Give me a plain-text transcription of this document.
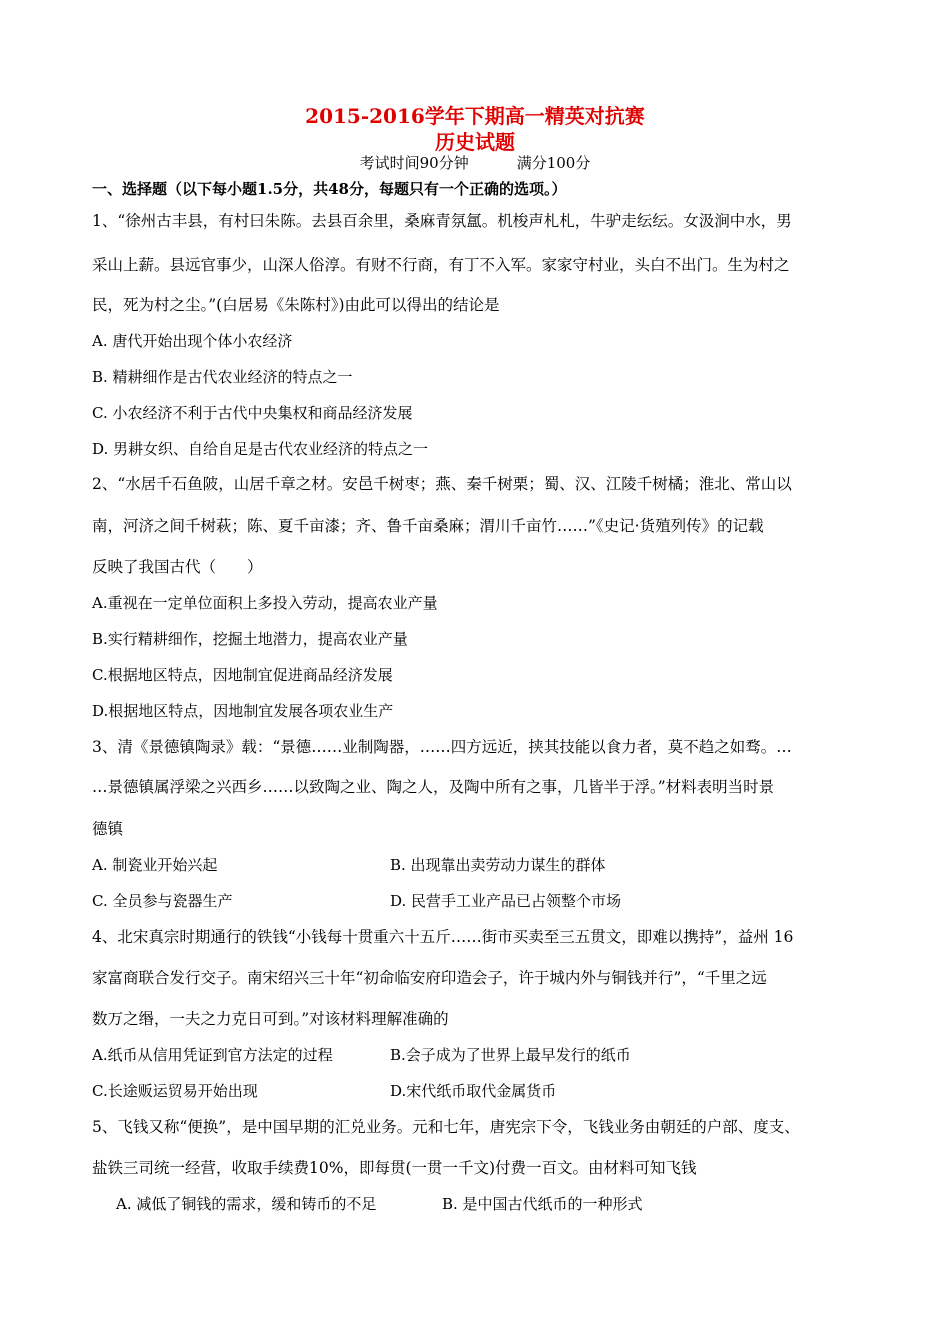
2015-2016学年下期高一精英对抗赛
历史试题
考试时间90分钟	满分100分
一、选择题（以下每小题1.5分，共48分，每题只有一个正确的选项。）
1、“徐州古丰县，有村曰朱陈。去县百余里，桑麻青氛氲。机梭声札札，牛驴走纭纭。女汲涧中水，男
采山上薪。县远官事少，山深人俗淳。有财不行商，有丁不入军。家家守村业，头白不出门。生为村之
民，死为村之尘。”(白居易《朱陈村》)由此可以得出的结论是
A. 唐代开始出现个体小农经济
B. 精耕细作是古代农业经济的特点之一
C. 小农经济不利于古代中央集权和商品经济发展
D. 男耕女织、自给自足是古代农业经济的特点之一
2、“水居千石鱼陂，山居千章之材。安邑千树枣；燕、秦千树栗；蜀、汉、江陵千树橘；淮北、常山以
南，河济之间千树萩；陈、夏千亩漆；齐、鲁千亩桑麻；渭川千亩竹……”《史记·货殖列传》的记载
反映了我国古代（　　）
A.重视在一定单位面积上多投入劳动，提高农业产量
B.实行精耕细作，挖掘土地潜力，提高农业产量
C.根据地区特点，因地制宜促进商品经济发展
D.根据地区特点，因地制宜发展各项农业生产
3、清《景德镇陶录》载：“景德……业制陶器，……四方远近，挟其技能以食力者，莫不趋之如骛。…
…景德镇属浮梁之兴西乡……以致陶之业、陶之人，及陶中所有之事，几皆半于浮。”材料表明当时景
德镇
A. 制瓷业开始兴起	B. 出现靠出卖劳动力谋生的群体
C. 全员参与瓷器生产	D. 民营手工业产品已占领整个市场
4、北宋真宗时期通行的铁钱“小钱每十贯重六十五斤……街市买卖至三五贯文，即难以携持”，益州 16
家富商联合发行交子。南宋绍兴三十年“初命临安府印造会子，许于城内外与铜钱并行”，“千里之远
数万之缗，一夫之力克日可到。”对该材料理解准确的
A.纸币从信用凭证到官方法定的过程	B.会子成为了世界上最早发行的纸币
C.长途贩运贸易开始出现	D.宋代纸币取代金属货币
5、飞钱又称“便换”，是中国早期的汇兑业务。元和七年，唐宪宗下令，飞钱业务由朝廷的户部、度支、
盐铁三司统一经营，收取手续费10%，即每贯(一贯一千文)付费一百文。由材料可知飞钱
A. 减低了铜钱的需求，缓和铸币的不足	B. 是中国古代纸币的一种形式
